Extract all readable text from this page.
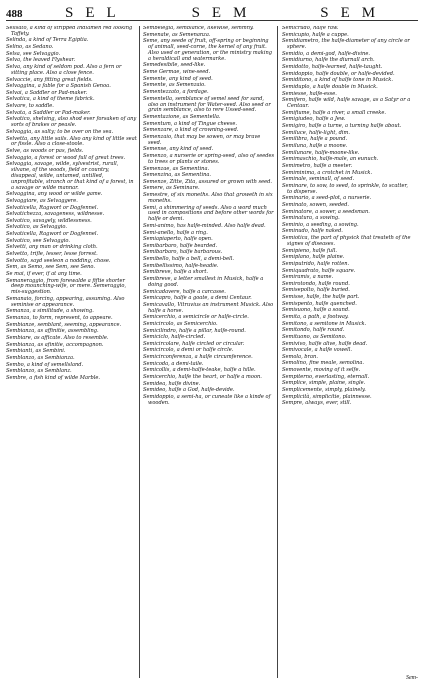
488	SEL	SEM	SEM
Selisato, a kind of stripped Indiamen red looking Taffety.
Selinda, a kind of Terra Egiptia.
Selino, as Sedano.
Selsa, see Selvaggio.
Selva, the leaved Flyshear.
Selva, any kind of seldom pod. Also a fern or sitting place. Also a close fence.
Selvaccie, any fitting great fields.
Selvaggina, a fable for a Spanish Genoa.
Selvai, a Saddler or Pad-maker.
Selvatica, a kind of theme fabrick.
Selvare, to saddle.
Selvata, a Saddler or Pad-maker.
Selvatico, shelving, also shod ever forsaken of any sorts of brakes or peasle.
Selvaggia, as salty; to be over on the sea.
Selvetta, any little sails. Also any kind of little seat or fissle. Also a close-stoole.
Selve, as woods or pas, fields.
Selvaggio, a forest or wood full of great trees.
Selvaggia, savage, wilde, sylvestrist, rurall, silvane, of the woods, field or country, disappeal, wilde, untamed, untilled, unprofitable, stranch or that kind of a forest, in a savage or wilde mannar.
Selvaggina, any wood or wilde game.
Selvaggiare, as Selvaggere.
Selvaticella, Ragwort or Dogfennel.
Selvatichezza, savageness, wildnesse.
Selvatico, savagely, wildlessness.
Selvatico, as Selvaggio.
Selvaticella, Ragwort or Dogfennel.
Selvatico, see Selvaggio.
Selvetti, any man or drinking cloth.
Selvetto, trifle, lesser, lesse forrest.
Selvotto, sayd seeleon a nodding, chose.
Sem, as Semo, see Sem, see Seno.
Se mai, if ever, if at any time.
Semaneraggio, from forewalde a fiftie shorter deep mounching-wife, or mere. Semeraggio, mis-suggestion.
Semanaio, forcing, appearing, assuming. Also seminise or appearance.
Semanza, a similitude, a showing.
Semanza, to form, represent, to appeare.
Sembianze, semblant, seeming, appearance.
Sembianza, as affinitie, assembling.
Sembiare, as afficate. Also to resemble.
Sembianza, as afinitie, accompagnon.
Sembianti, as Sembini.
Semblanzo, as Sembianza.
Sembo, a kind of semellsland.
Semblanzo, as Semblanz.
Sembre, a fish kind of wilde Marble.
Sembelegia, semblance, likewise, semmny.
Semenate, as Semenanza.
Seme, any seede of fruit, off-spring or beginning of animall, seed-corne, the kernel of any fruit. Also used or generation, or the ministry making a heraldicall and watermarke.
Semedesibile, seed-like.
Seme Germae, wine-seed.
Semente, any kind of seed.
Semente, as Semenzaio.
Sementezzato, a fordage.
Sementella, semblance of semel seed for sand, also an instrument for Water-seed. Also seed or grain semblance, also to rere Ussed-seed.
Sementazione, as Sementella.
Sementum, a kind of Tingue cheese.
Semenzare, a kind of crowning-seed.
Semenzaio, that may be sowen, or may brave seed.
Semense, any kind of seed.
Semenzo, a nurserie or spring-seed, also of seedes to trees or plants or stones.
Semenzae, as Sementina.
Semenzina, as Sementina.
Semenze, Zitte, Zita, assured or grown with seed.
Semere, as Seminare.
Semestre, of six moneths. Also that groweth in six moneths.
Semi, a shimmering of seeds. Also a word much used in compositions and before other words for halfe or demi.
Semi-animo, has halfe-minded. Also halfe dead.
Semi-anello, halfe a ring.
Semiapiaperto, halfe open.
Semibarbaro, halfe bearded.
Semibarbaro, halfe barbarous.
Semibello, halfe a bell, a demi-bell.
Semibellissimo, halfe-headie.
Semibreve, halfe a short.
Semibreve, a letter smallest in Musick, halfe a doing good.
Semicadavere, halfe a carcasse.
Semicapro, halfe a goate, a demi Centaur.
Semicavallo, Vitruvius an instrument Musick. Also halfe a horse.
Semicerchio, a semicircle or halfe-circle.
Semicircolo, as Semicerchio.
Semicilindro, halfe a pillar, halfe-round.
Semiciclo, halfe-circled.
Semicircolare, halfe circled or circular.
Semicircolo, a demi or halfe circle.
Semicirconferenza, a halfe circumference.
Semicoda, a demi-taile.
Semicollis, a demi-halfe-teake, halfe a hille.
Semicerchio, halfe the heart, or halfe a moon.
Semidea, halfe divine.
Semideo, halfe a God, halfe-devide.
Semidoppio, a semi-ha, or cuneate like a kinde of wooden.
Semicrudo, halfe raw.
Semicupio, halfe a cuppe.
Semidiametro, the halfe-diameter of any circle or sphere.
Semidio, a demi-god, halfe-divine.
Semidiurno, halfe the diurnall arch.
Semidotto, halfe-learned, halfe-taught.
Semidoppio, halfe double, or halfe-devided.
Semiditono, a kind of halfe tone in Musick.
Semiduplo, a halfe double in Musick.
Semiesse, halfe-esse.
Semifero, halfe wild, halfe savage, as a Satyr or a Centaur.
Semifiume, halfe a river, a small creeke.
Semigiudeo, halfe a Jew.
Semigiro, halfe a turne, a turning halfe about.
Semiluce, halfe-light, dim.
Semilibra, halfe a pound.
Semiluna, halfe a moone.
Semilunare, halfe-moone-like.
Semimaschio, halfe-male, an eunuch.
Semimetro, halfe a meeter.
Semiminima, a crotchet in Musick.
Seminale, seminall, of seed.
Seminare, to sow, to seed, to sprinkle, to scatter, to disperse.
Seminario, a seed-plot, a nurserie.
Seminato, sowen, seeded.
Seminatore, a sower, a seedsman.
Seminatura, a sowing.
Seminio, a seeding, a sowing.
Seminudo, halfe naked.
Semiotica, the part of physick that treateth of the signes of diseases.
Semipieno, halfe full.
Semiplano, halfe plaine.
Semiputrido, halfe rotten.
Semiquadrato, halfe square.
Semiramis, a name.
Semirotondo, halfe round.
Semisepolto, halfe buried.
Semisse, halfe, the halfe part.
Semispento, halfe quenched.
Semisuono, halfe a sound.
Semita, a path, a footway.
Semitono, a semitone in Musick.
Semitondo, halfe round.
Semituono, as Semitono.
Semivivo, halfe alive, halfe dead.
Semivocale, a halfe vowell.
Semola, bran.
Semolino, fine meale, semolina.
Semovente, moving of it selfe.
Sempiterno, everlasting, eternall.
Semplice, simple, plaine, single.
Semplicemente, simply, plainely.
Semplicità, simplicitie, plainnesse.
Sempre, always, ever, still.
Sem-
